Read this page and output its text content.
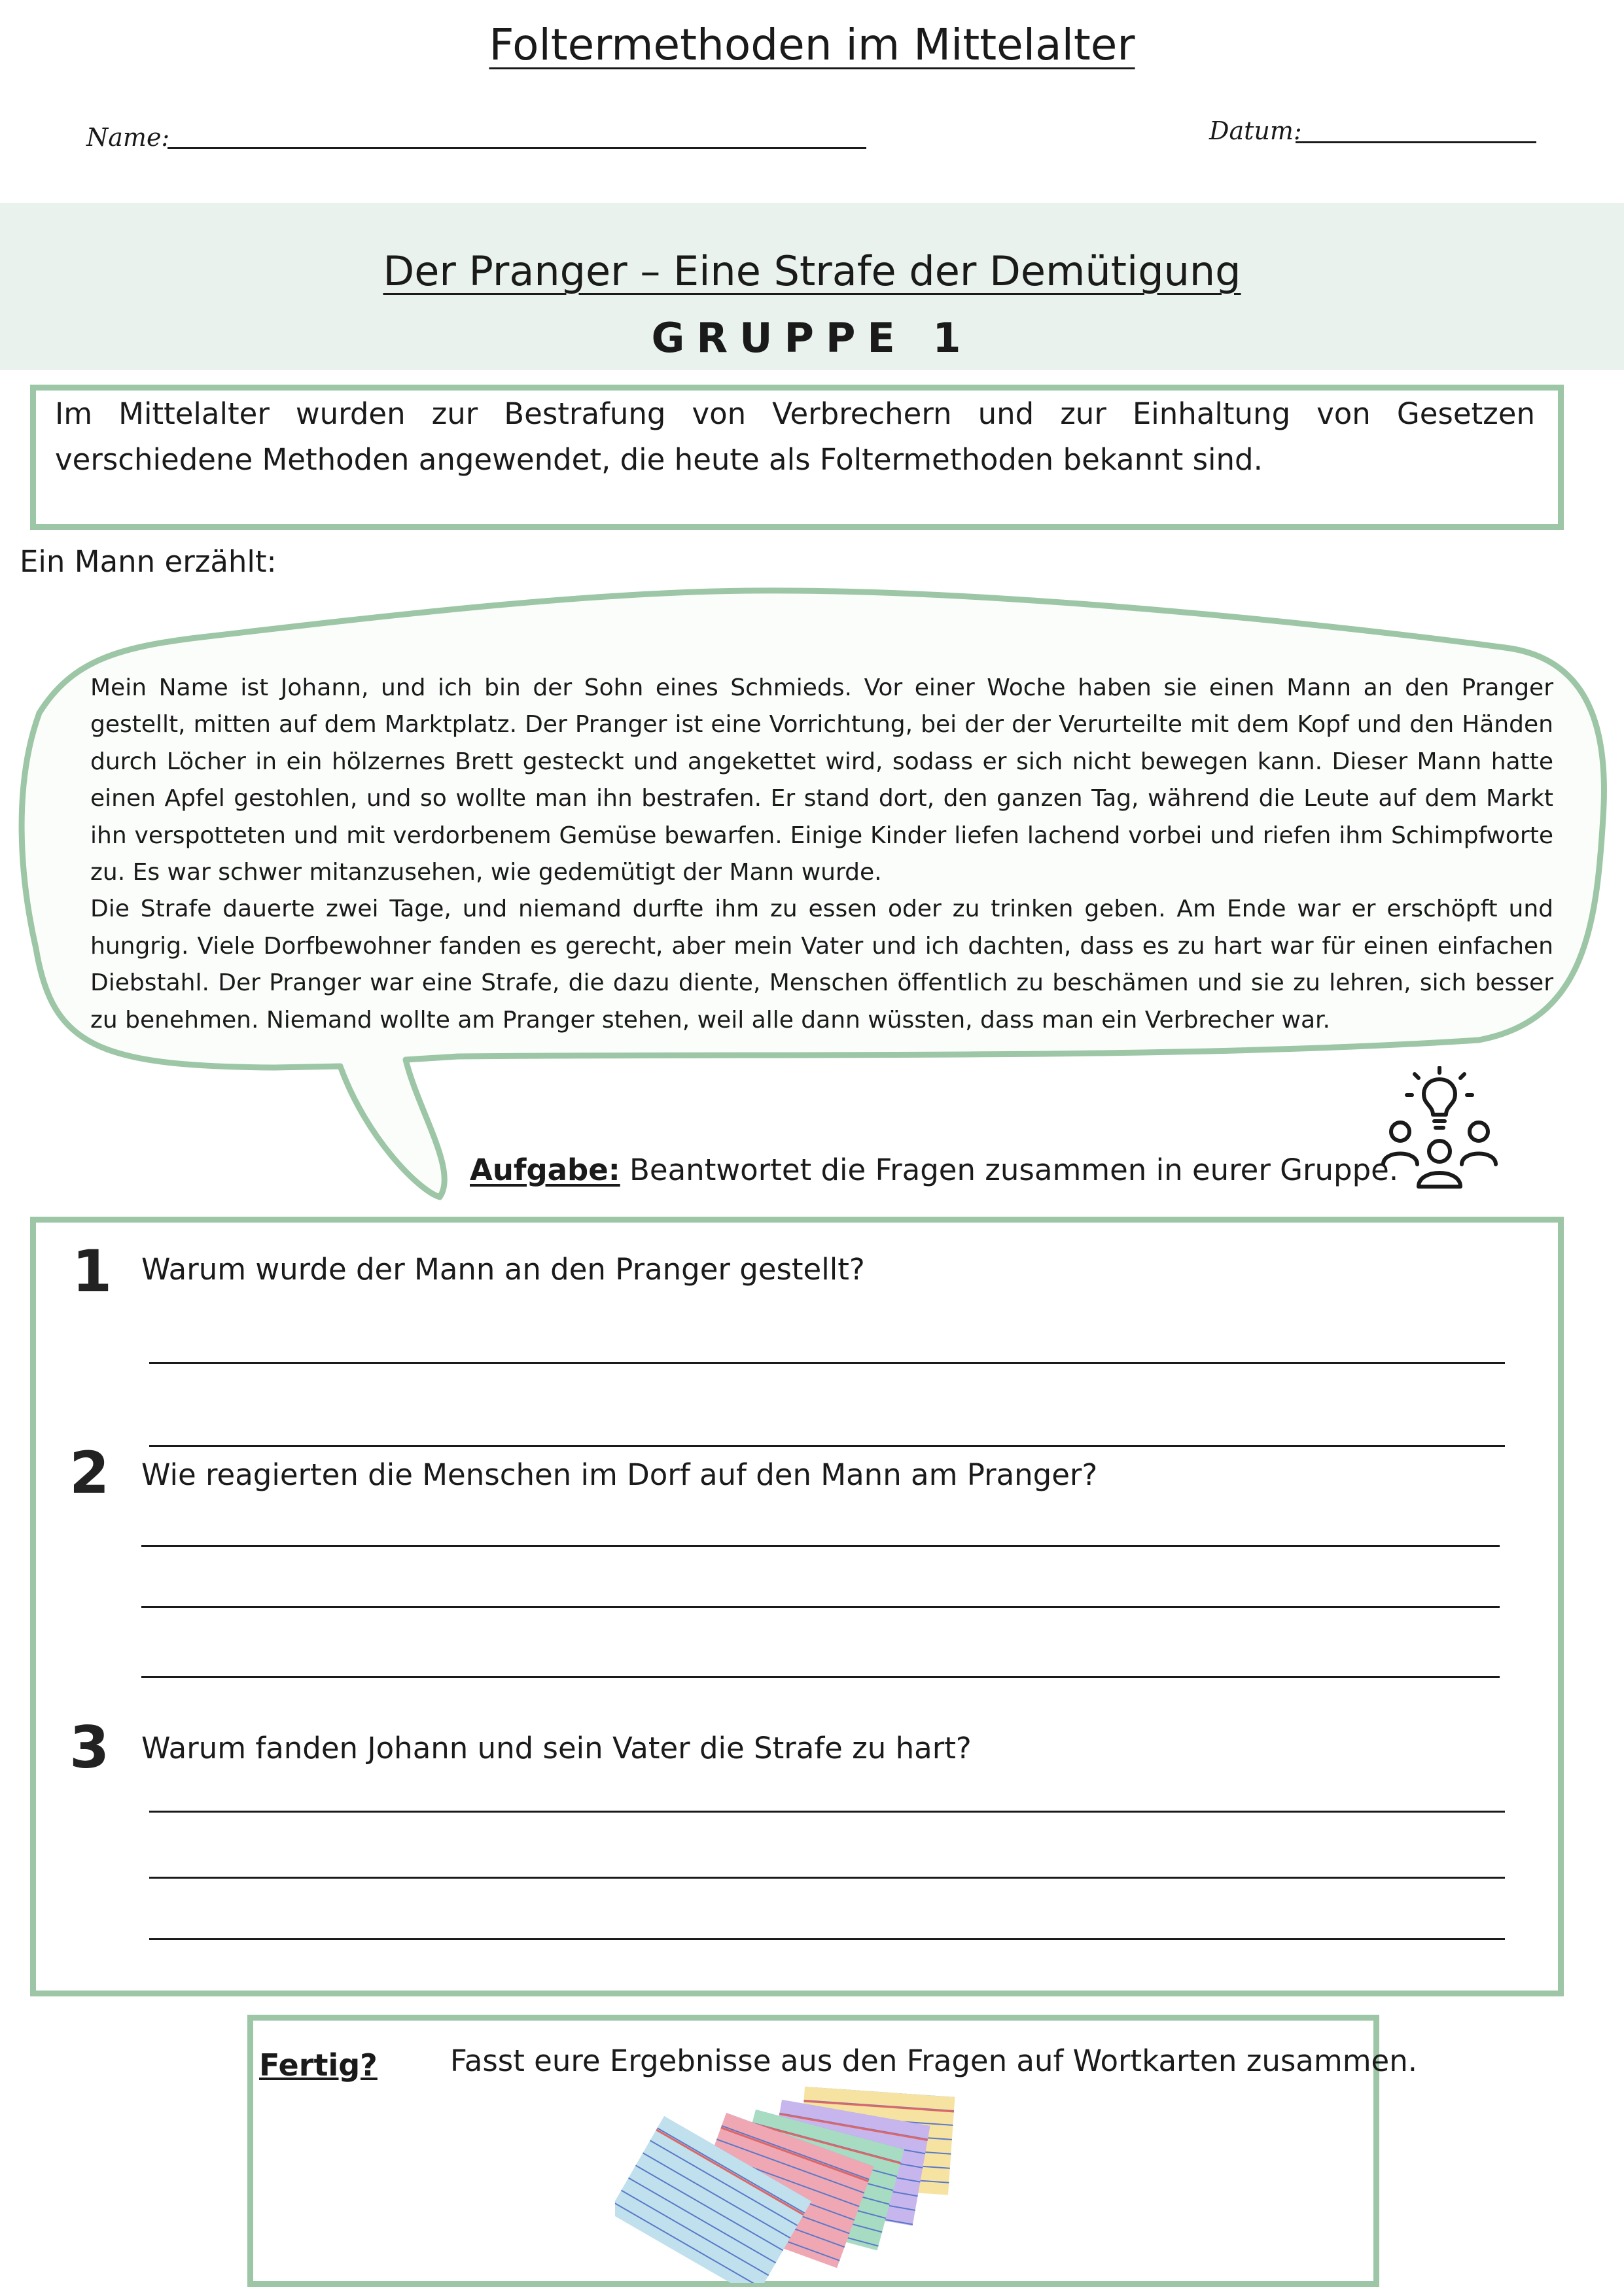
Foltermethoden im Mittelalter
Name:	Datum:
Der Pranger – Eine Strafe der Demütigung
GRUPPE 1
Im Mittelalter wurden zur Bestrafung von Verbrechern und zur Einhaltung von Gesetzen verschiedene Methoden angewendet, die heute als Foltermethoden bekannt sind.
Ein Mann erzählt:

Mein Name ist Johann, und ich bin der Sohn eines Schmieds. Vor einer Woche haben sie einen Mann an den Pranger gestellt, mitten auf dem Marktplatz. Der Pranger ist eine Vorrichtung, bei der der Verurteilte mit dem Kopf und den Händen durch Löcher in ein hölzernes Brett gesteckt und angekettet wird, sodass er sich nicht bewegen kann. Dieser Mann hatte einen Apfel gestohlen, und so wollte man ihn bestrafen. Er stand dort, den ganzen Tag, während die Leute auf dem Markt ihn verspotteten und mit verdorbenem Gemüse bewarfen. Einige Kinder liefen lachend vorbei und riefen ihm Schimpfworte zu. Es war schwer mitanzusehen, wie gedemütigt der Mann wurde.

Die Strafe dauerte zwei Tage, und niemand durfte ihm zu essen oder zu trinken geben. Am Ende war er erschöpft und hungrig. Viele Dorfbewohner fanden es gerecht, aber mein Vater und ich dachten, dass es zu hart war für einen einfachen Diebstahl. Der Pranger war eine Strafe, die dazu diente, Menschen öffentlich zu beschämen und sie zu lehren, sich besser zu benehmen. Niemand wollte am Pranger stehen, weil alle dann wüssten, dass man ein Verbrecher war.

Aufgabe: Beantwortet die Fragen zusammen in eurer Gruppe.
1 Warum wurde der Mann an den Pranger gestellt?
2 Wie reagierten die Menschen im Dorf auf den Mann am Pranger?
3 Warum fanden Johann und sein Vater die Strafe zu hart?
Fertig? Fasst eure Ergebnisse aus den Fragen auf Wortkarten zusammen.
